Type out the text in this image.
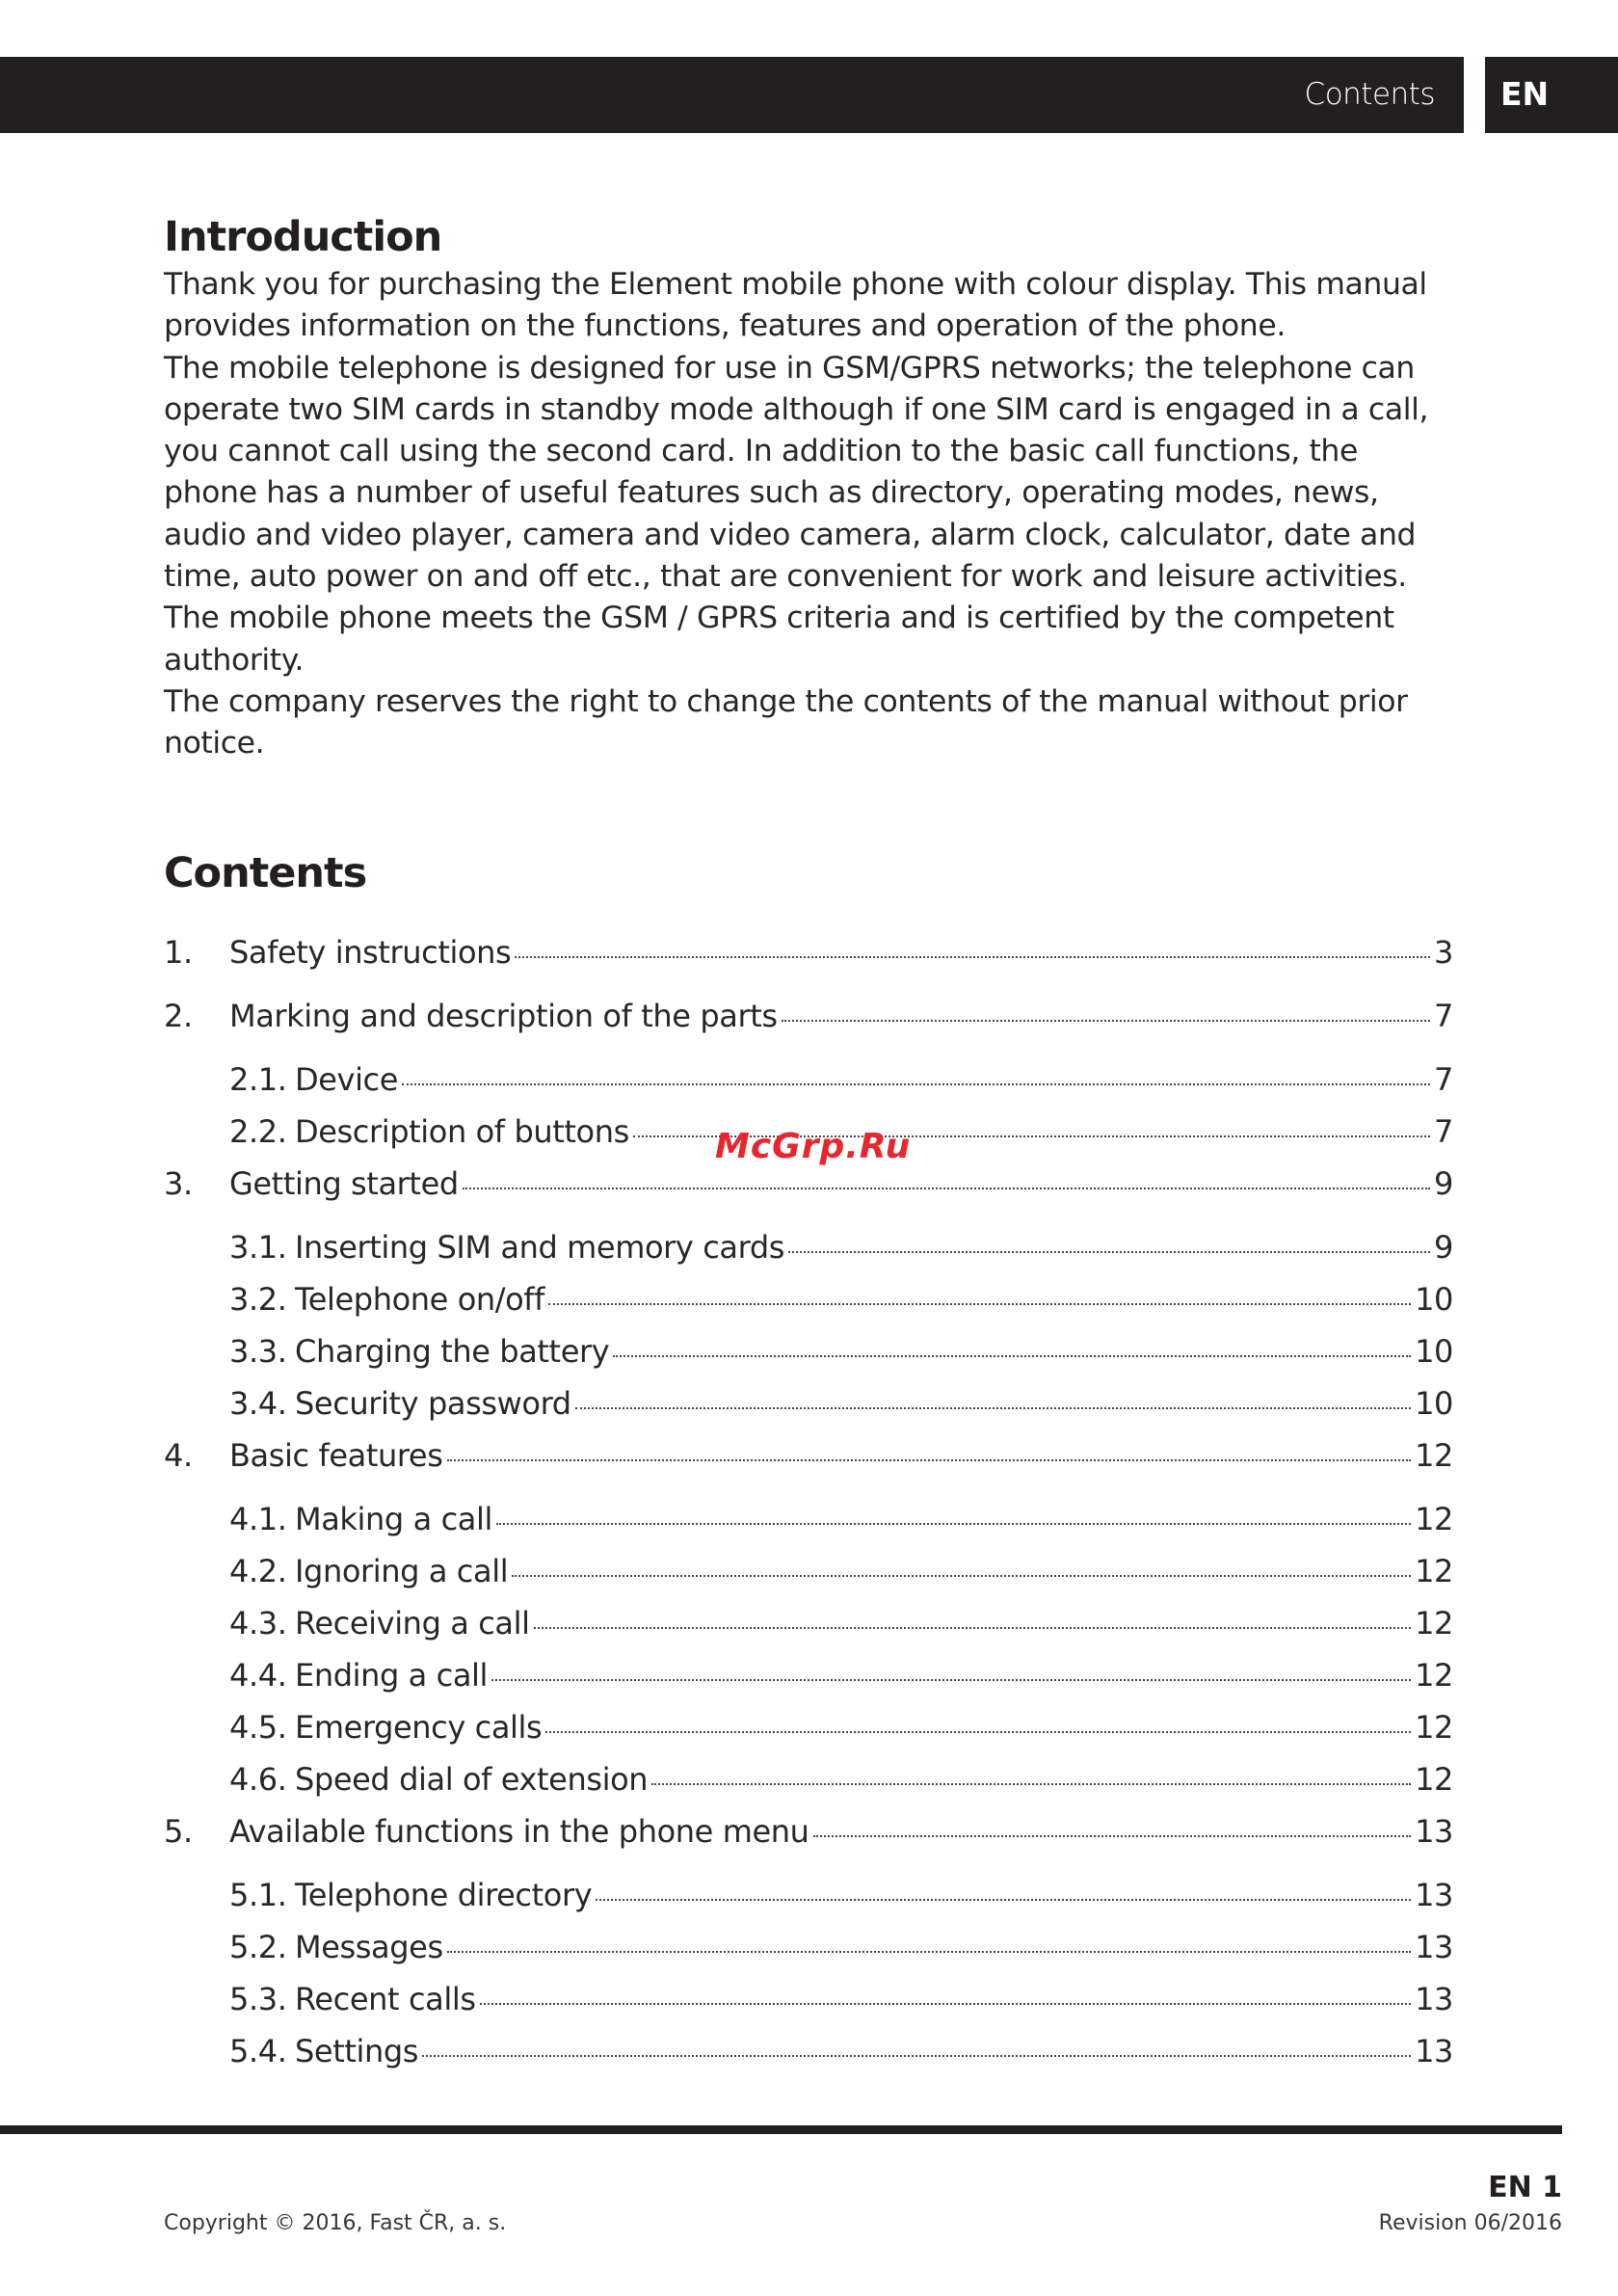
Contents EN
Introduction

Thank you for purchasing the Element mobile phone with colour display. This manual provides information on the functions, features and operation of the phone.

The mobile telephone is designed for use in GSM/GPRS networks; the telephone can operate two SIM cards in standby mode although if one SIM card is engaged in a call, you cannot call using the second card. In addition to the basic call functions, the phone has a number of useful features such as directory, operating modes, news, audio and video player, camera and video camera, alarm clock, calculator, date and time, auto power on and off etc., that are convenient for work and leisure activities.

The mobile phone meets the GSM / GPRS criteria and is certified by the competent authority.

The company reserves the right to change the contents of the manual without prior notice.

Contents
1.	Safety instructions	3
2.	Marking and description of the parts	7
2.1. Device	7
2.2. Description of buttons	7
3.	Getting started	9
3.1. Inserting SIM and memory cards	9
3.2. Telephone on/off	10
3.3. Charging the battery	10
3.4. Security password	10
4.	Basic features	12
4.1. Making a call	12
4.2. Ignoring a call	12
4.3. Receiving a call	12
4.4. Ending a call	12
4.5. Emergency calls	12
4.6. Speed dial of extension	12
5.	Available functions in the phone menu	13
5.1. Telephone directory	13
5.2. Messages	13
5.3. Recent calls	13
5.4. Settings	13
McGrp.Ru
EN 1
Copyright © 2016, Fast ČR, a. s.	Revision 06/2016
